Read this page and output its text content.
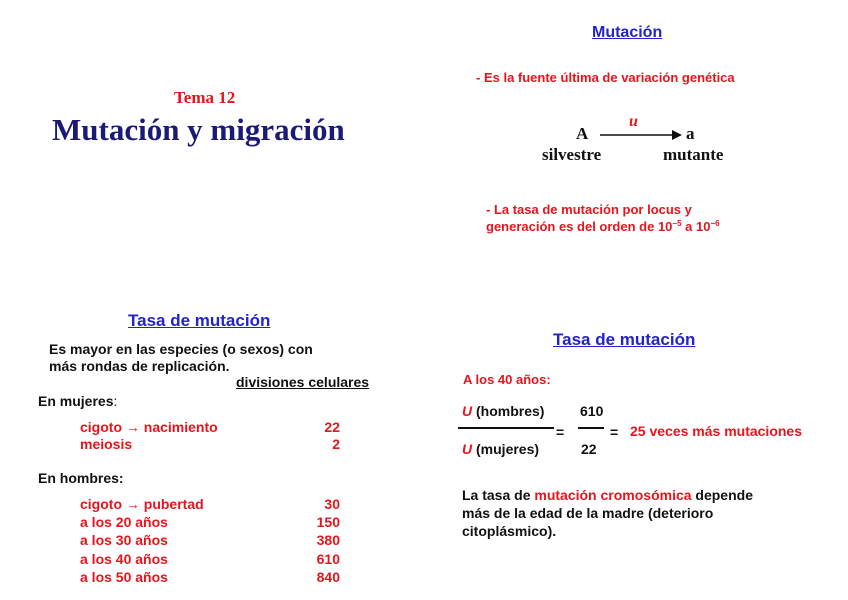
Tema 12
Mutación y migración
Mutación
- Es la fuente última de variación genética
A
u
a
silvestre	mutante
- La tasa de mutación por locus y
generación es del orden de $10^{-5}$ a $10^{-6}$
Tasa de mutación
Es mayor en las especies (o sexos) con
más rondas de replicación.
divisiones celulares
En mujeres:
cigoto → nacimiento	22
meiosis	2
En hombres:
cigoto → pubertad	30
a los 20 años	150
a los 30 años	380
a los 40 años	610
a los 50 años	840
Tasa de mutación
A los 40 años:
U (hombres)	610
=	= 25 veces más mutaciones
U (mujeres)	22
La tasa de mutación cromosómica depende
más de la edad de la madre (deterioro
citoplásmico).
